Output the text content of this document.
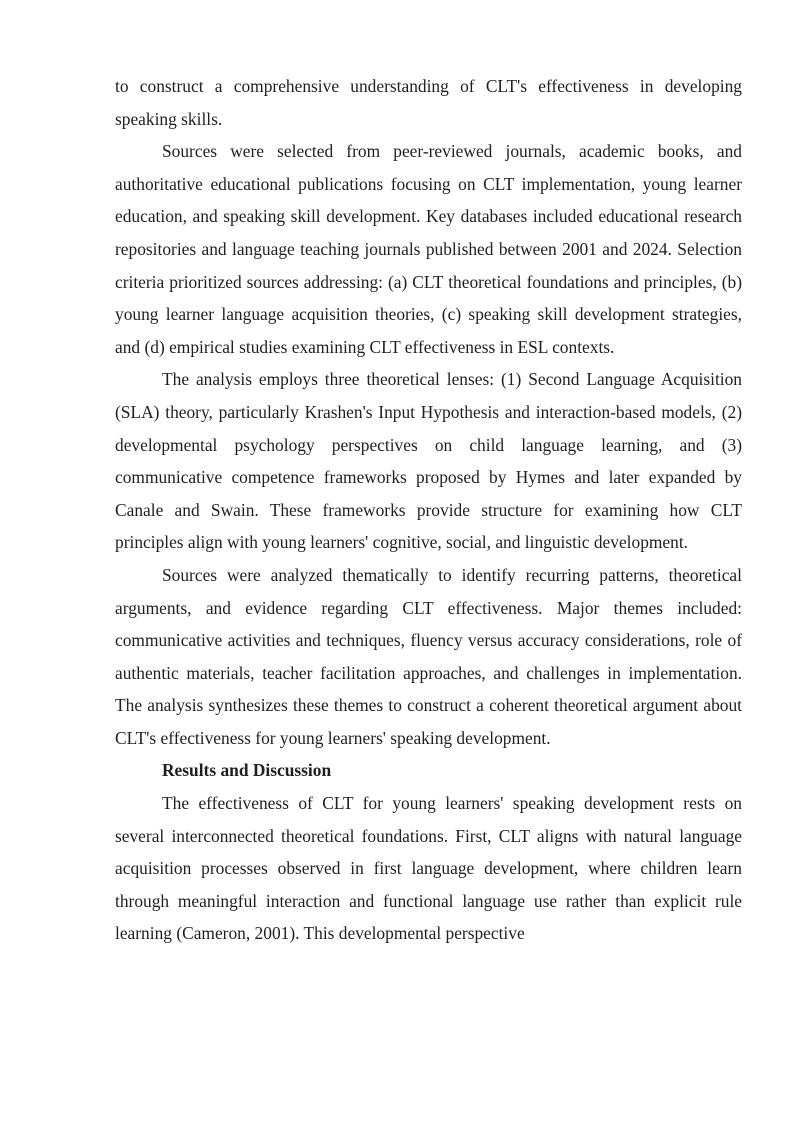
to construct a comprehensive understanding of CLT's effectiveness in developing speaking skills.

Sources were selected from peer-reviewed journals, academic books, and authoritative educational publications focusing on CLT implementation, young learner education, and speaking skill development. Key databases included educational research repositories and language teaching journals published between 2001 and 2024. Selection criteria prioritized sources addressing: (a) CLT theoretical foundations and principles, (b) young learner language acquisition theories, (c) speaking skill development strategies, and (d) empirical studies examining CLT effectiveness in ESL contexts.

The analysis employs three theoretical lenses: (1) Second Language Acquisition (SLA) theory, particularly Krashen's Input Hypothesis and interaction-based models, (2) developmental psychology perspectives on child language learning, and (3) communicative competence frameworks proposed by Hymes and later expanded by Canale and Swain. These frameworks provide structure for examining how CLT principles align with young learners' cognitive, social, and linguistic development.

Sources were analyzed thematically to identify recurring patterns, theoretical arguments, and evidence regarding CLT effectiveness. Major themes included: communicative activities and techniques, fluency versus accuracy considerations, role of authentic materials, teacher facilitation approaches, and challenges in implementation. The analysis synthesizes these themes to construct a coherent theoretical argument about CLT's effectiveness for young learners' speaking development.

Results and Discussion

The effectiveness of CLT for young learners' speaking development rests on several interconnected theoretical foundations. First, CLT aligns with natural language acquisition processes observed in first language development, where children learn through meaningful interaction and functional language use rather than explicit rule learning (Cameron, 2001). This developmental perspective
